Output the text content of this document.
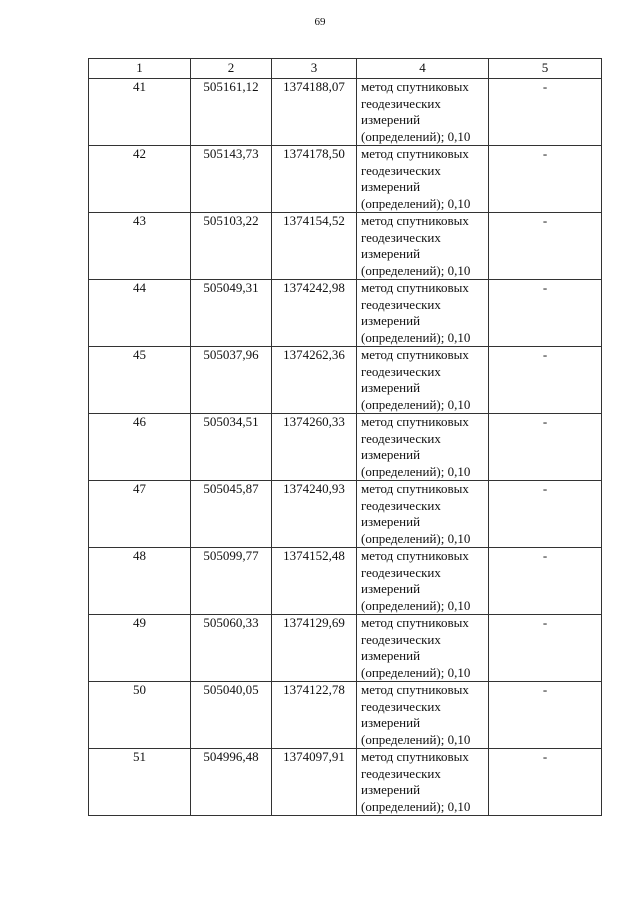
69
1	2	3	4	5
41	505161,12	1374188,07	метод спутниковых
геодезических
измерений
(определений); 0,10	-
42	505143,73	1374178,50	метод спутниковых
геодезических
измерений
(определений); 0,10	-
43	505103,22	1374154,52	метод спутниковых
геодезических
измерений
(определений); 0,10	-
44	505049,31	1374242,98	метод спутниковых
геодезических
измерений
(определений); 0,10	-
45	505037,96	1374262,36	метод спутниковых
геодезических
измерений
(определений); 0,10	-
46	505034,51	1374260,33	метод спутниковых
геодезических
измерений
(определений); 0,10	-
47	505045,87	1374240,93	метод спутниковых
геодезических
измерений
(определений); 0,10	-
48	505099,77	1374152,48	метод спутниковых
геодезических
измерений
(определений); 0,10	-
49	505060,33	1374129,69	метод спутниковых
геодезических
измерений
(определений); 0,10	-
50	505040,05	1374122,78	метод спутниковых
геодезических
измерений
(определений); 0,10	-
51	504996,48	1374097,91	метод спутниковых
геодезических
измерений
(определений); 0,10	-
